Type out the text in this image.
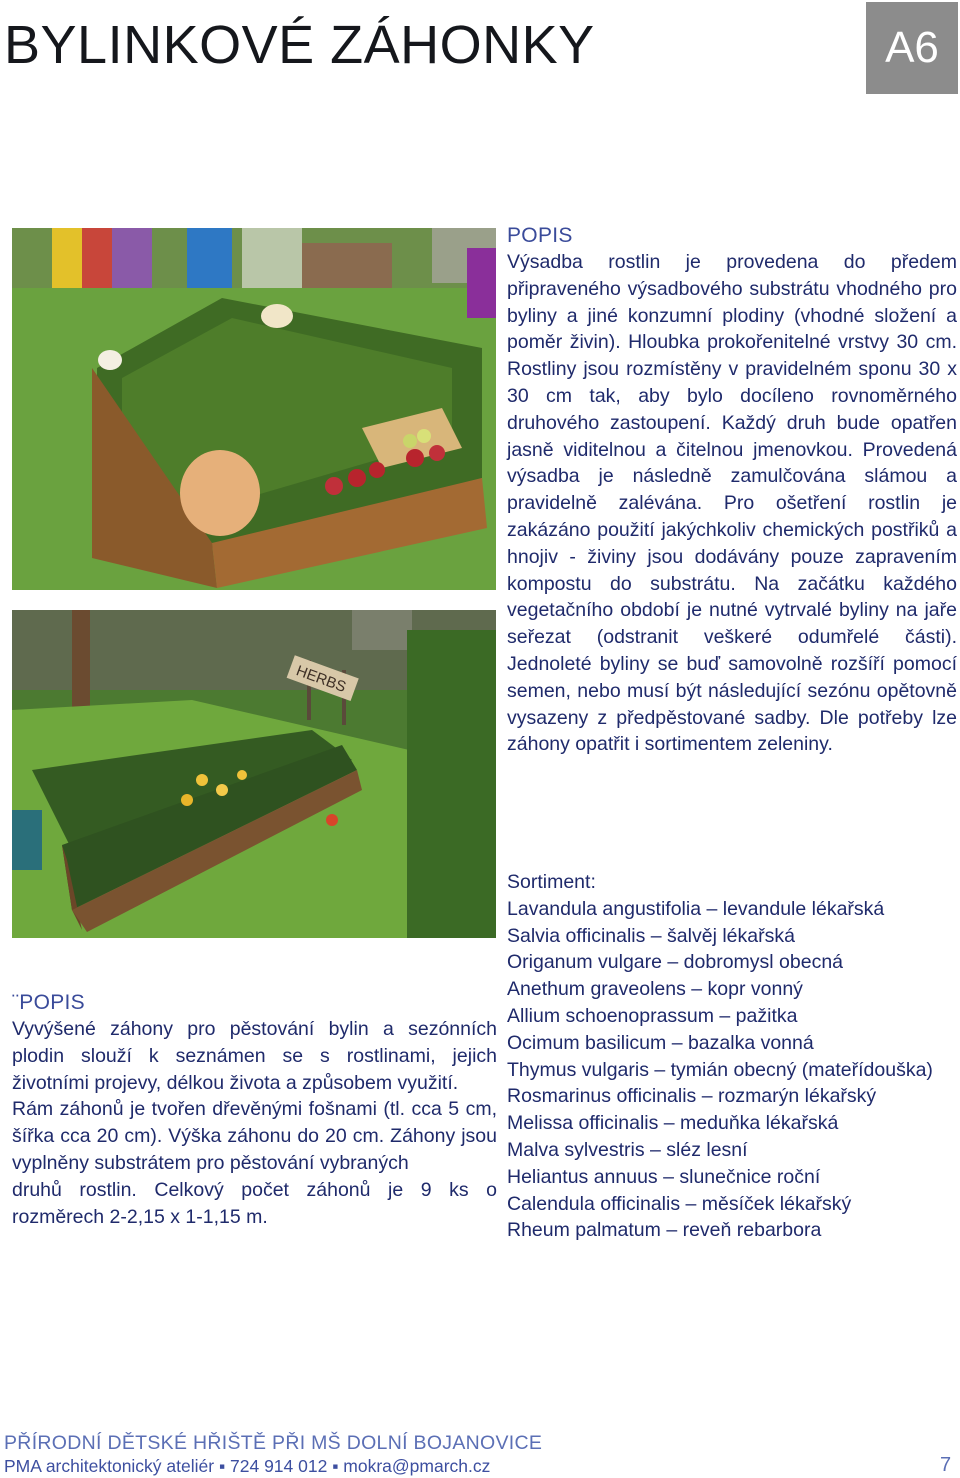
BYLINKOVÉ ZÁHONKY	A6
HERBS

POPIS

Výsadba rostlin je provedena do předem připraveného výsadbového substrátu vhodného pro byliny a jiné konzumní plodiny (vhodné složení a poměr živin). Hloubka prokořenitelné vrstvy 30 cm. Rostliny jsou rozmístěny v pravidelném sponu 30 x 30 cm tak, aby bylo docíleno rovnoměrného druhového zastoupení. Každý druh bude opatřen jasně viditelnou a čitelnou jmenovkou. Provedená výsadba je následně zamulčována slámou a pravidelně zalévána. Pro ošetření rostlin je zakázáno použití jakýchkoliv chemických postřiků a hnojiv - živiny jsou dodávány pouze zapravením kompostu do substrátu. Na začátku každého vegetačního období je nutné vytrvalé byliny na jaře seřezat (odstranit veškeré odumřelé části). Jednoleté byliny se buď samovolně rozšíří pomocí semen, nebo musí být následující sezónu opětovně vysazeny z předpěstované sadby. Dle potřeby lze záhony opatřit i sortimentem zeleniny.

Sortiment:
Lavandula angustifolia – levandule lékařská
Salvia officinalis – šalvěj lékařská
Origanum vulgare – dobromysl obecná
Anethum graveolens – kopr vonný
Allium schoenoprassum – pažitka
Ocimum basilicum – bazalka vonná
Thymus vulgaris – tymián obecný (mateřídouška)
Rosmarinus officinalis – rozmarýn lékařský
Melissa officinalis – meduňka lékařská
Malva sylvestris – sléz lesní
Heliantus annuus – slunečnice roční
Calendula officinalis – měsíček lékařský
Rheum palmatum – reveň rebarbora

¨POPIS

Vyvýšené záhony pro pěstování bylin a sezónních plodin slouží k seznámen se s rostlinami, jejich životními projevy, délkou života a způsobem využití.

Rám záhonů je tvořen dřevěnými fošnami (tl. cca 5 cm, šířka cca 20 cm). Výška záhonu do 20 cm. Záhony jsou vyplněny substrátem pro pěstování vybraných

druhů rostlin. Celkový počet záhonů je 9 ks o rozměrech 2-2,15 x 1-1,15 m.

PŘÍRODNÍ DĚTSKÉ HŘIŠTĚ PŘI MŠ DOLNÍ BOJANOVICE
PMA architektonický ateliér ▪ 724 914 012 ▪ mokra@pmarch.cz	7
